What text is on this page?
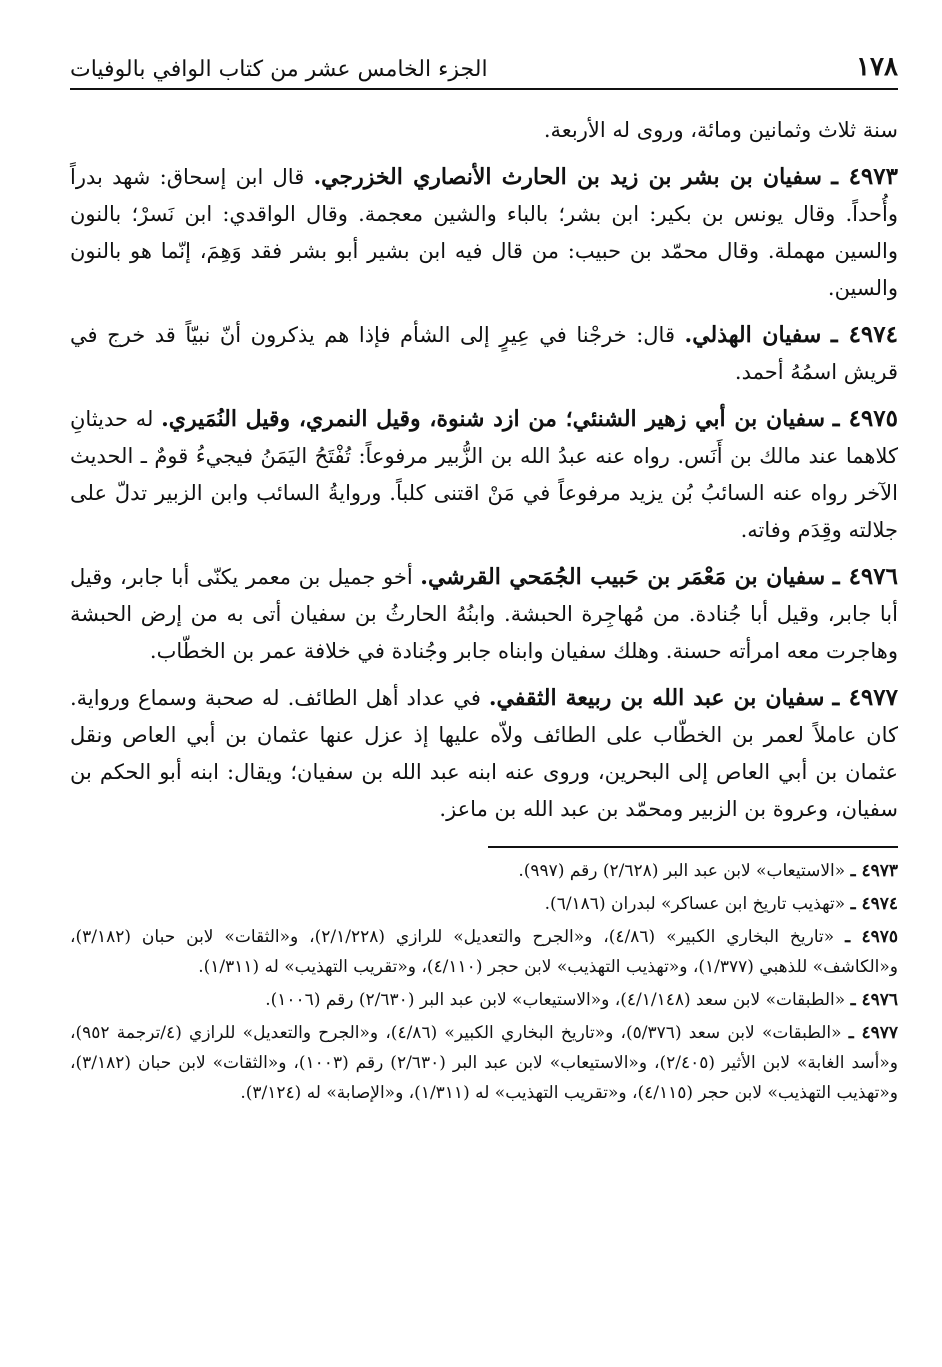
١٧٨
الجزء الخامس عشر من كتاب الوافي بالوفيات

سنة ثلاث وثمانين ومائة، وروى له الأربعة.

٤٩٧٣ ـ سفيان بن بشر بن زيد بن الحارث الأنصاري الخزرجي. قال ابن إسحاق: شهد بدراً وأُحداً. وقال يونس بن بكير: ابن بشر؛ بالباء والشين معجمة. وقال الواقدي: ابن نَسرْ؛ بالنون والسين مهملة. وقال محمّد بن حبيب: من قال فيه ابن بشير أبو بشر فقد وَهِمَ، إنّما هو بالنون والسين.

٤٩٧٤ ـ سفيان الهذلي. قال: خرجْنا في عِيرٍ إلى الشأم فإذا هم يذكرون أنّ نبيّاً قد خرج في قريش اسمُهُ أحمد.

٤٩٧٥ ـ سفيان بن أبي زهير الشنئي؛ من ازد شنوة، وقيل النمري، وقيل النُمَيري. له حديثانِ كلاهما عند مالك بن أَنَس. رواه عنه عبدُ الله بن الزُّبير مرفوعاً: تُفْتَحُ اليَمَنُ فيجيءُ قومٌ ـ الحديث الآخر رواه عنه السائبُ بُن يزيد مرفوعاً في مَنْ اقتنى كلباً. وروايةُ السائب وابن الزبير تدلّ على جلالته وقِدَم وفاته.

٤٩٧٦ ـ سفيان بن مَعْمَر بن حَبيب الجُمَحي القرشي. أخو جميل بن معمر يكنّى أبا جابر، وقيل أبا جابر، وقيل أبا جُنادة. من مُهاجِرة الحبشة. وابنُهُ الحارثُ بن سفيان أتى به من إرض الحبشة وهاجرت معه امرأته حسنة. وهلك سفيان وابناه جابر وجُنادة في خلافة عمر بن الخطّاب.

٤٩٧٧ ـ سفيان بن عبد الله بن ربيعة الثقفي. في عداد أهل الطائف. له صحبة وسماع ورواية. كان عاملاً لعمر بن الخطّاب على الطائف ولاّه عليها إذ عزل عنها عثمان بن أبي العاص ونقل عثمان بن أبي العاص إلى البحرين، وروى عنه ابنه عبد الله بن سفيان؛ ويقال: ابنه أبو الحكم بن سفيان، وعروة بن الزبير ومحمّد بن عبد الله بن ماعز.

٤٩٧٣ ـ «الاستيعاب» لابن عبد البر (٢/٦٢٨) رقم (٩٩٧).

٤٩٧٤ ـ «تهذيب تاريخ ابن عساكر» لبدران (٦/١٨٦).

٤٩٧٥ ـ «تاريخ البخاري الكبير» (٤/٨٦)، و«الجرح والتعديل» للرازي (٢/١/٢٢٨)، و«الثقات» لابن حبان (٣/١٨٢)، و«الكاشف» للذهبي (١/٣٧٧)، و«تهذيب التهذيب» لابن حجر (٤/١١٠)، و«تقريب التهذيب» له (١/٣١١).

٤٩٧٦ ـ «الطبقات» لابن سعد (٤/١/١٤٨)، و«الاستيعاب» لابن عبد البر (٢/٦٣٠) رقم (١٠٠٦).

٤٩٧٧ ـ «الطبقات» لابن سعد (٥/٣٧٦)، و«تاريخ البخاري الكبير» (٤/٨٦)، و«الجرح والتعديل» للرازي (٤/ترجمة ٩٥٢)، و«أسد الغابة» لابن الأثير (٢/٤٠٥)، و«الاستيعاب» لابن عبد البر (٢/٦٣٠) رقم (١٠٠٣)، و«الثقات» لابن حبان (٣/١٨٢)، و«تهذيب التهذيب» لابن حجر (٤/١١٥)، و«تقريب التهذيب» له (١/٣١١)، و«الإصابة» له (٣/١٢٤).
